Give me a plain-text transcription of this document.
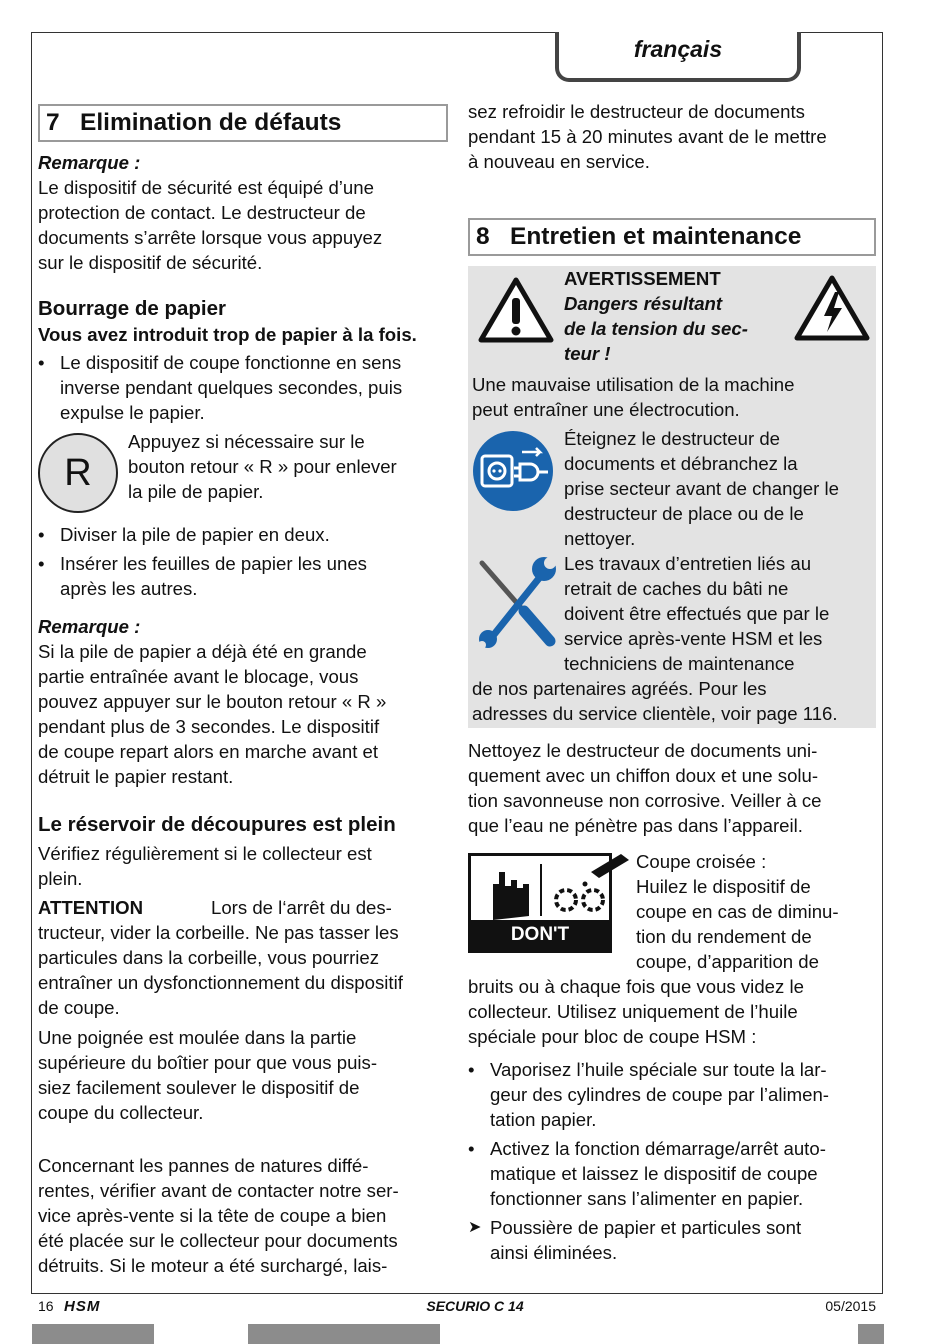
français
7 Elimination de défauts
Remarque :
Le dispositif de sécurité est équipé d’une
protection de contact. Le destructeur de
documents s’arrête lorsque vous appuyez
sur le dispositif de sécurité.
Bourrage de papier
Vous avez introduit trop de papier à la fois.
• Le dispositif de coupe fonctionne en sens
inverse pendant quelques secondes, puis
expulse le papier.
R
Appuyez si nécessaire sur le
bouton retour « R » pour enlever
la pile de papier.
• Diviser la pile de papier en deux.
• Insérer les feuilles de papier les unes
après les autres.
Remarque :
Si la pile de papier a déjà été en grande
partie entraînée avant le blocage, vous
pouvez appuyer sur le bouton retour « R »
pendant plus de 3 secondes. Le dispositif
de coupe repart alors en marche avant et
détruit le papier restant.
Le réservoir de découpures est plein
Vérifiez régulièrement si le collecteur est
plein.
ATTENTION	Lors de l‘arrêt du des-
tructeur, vider la corbeille. Ne pas tasser les
particules dans la corbeille, vous pourriez
entraîner un dysfonctionnement du dispositif
de coupe.
Une poignée est moulée dans la partie
supérieure du boîtier pour que vous puis-
siez facilement soulever le dispositif de
coupe du collecteur.
Concernant les pannes de natures diffé-
rentes, vérifier avant de contacter notre ser-
vice après-vente si la tête de coupe a bien
été placée sur le collecteur pour documents
détruits. Si le moteur a été surchargé, lais-
sez refroidir le destructeur de documents
pendant 15 à 20 minutes avant de le mettre
à nouveau en service.
8 Entretien et maintenance
AVERTISSEMENT
Dangers résultant
de la tension du sec-
teur !
Une mauvaise utilisation de la machine
peut entraîner une électrocution.
Éteignez le destructeur de
documents et débranchez la
prise secteur avant de changer le
destructeur de place ou de le
nettoyer.
Les travaux d’entretien liés au
retrait de caches du bâti ne
doivent être effectués que par le
service après-vente HSM et les
techniciens de maintenance
de nos partenaires agréés. Pour les
adresses du service clientèle, voir page 116.
Nettoyez le destructeur de documents uni-
quement avec un chiffon doux et une solu-
tion savonneuse non corrosive. Veiller à ce
que l’eau ne pénètre pas dans l’appareil.
DON'T FORGET
Coupe croisée :
Huilez le dispositif de
coupe en cas de diminu-
tion du rendement de
coupe, d’apparition de
bruits ou à chaque fois que vous videz le
collecteur. Utilisez uniquement de l’huile
spéciale pour bloc de coupe HSM :
• Vaporisez l’huile spéciale sur toute la lar-
geur des cylindres de coupe par l’alimen-
tation papier.
• Activez la fonction démarrage/arrêt auto-
matique et laissez le dispositif de coupe
fonctionner sans l’alimenter en papier.
➤ Poussière de papier et particules sont
ainsi éliminées.
16 HSM	SECURIO C 14	05/2015
